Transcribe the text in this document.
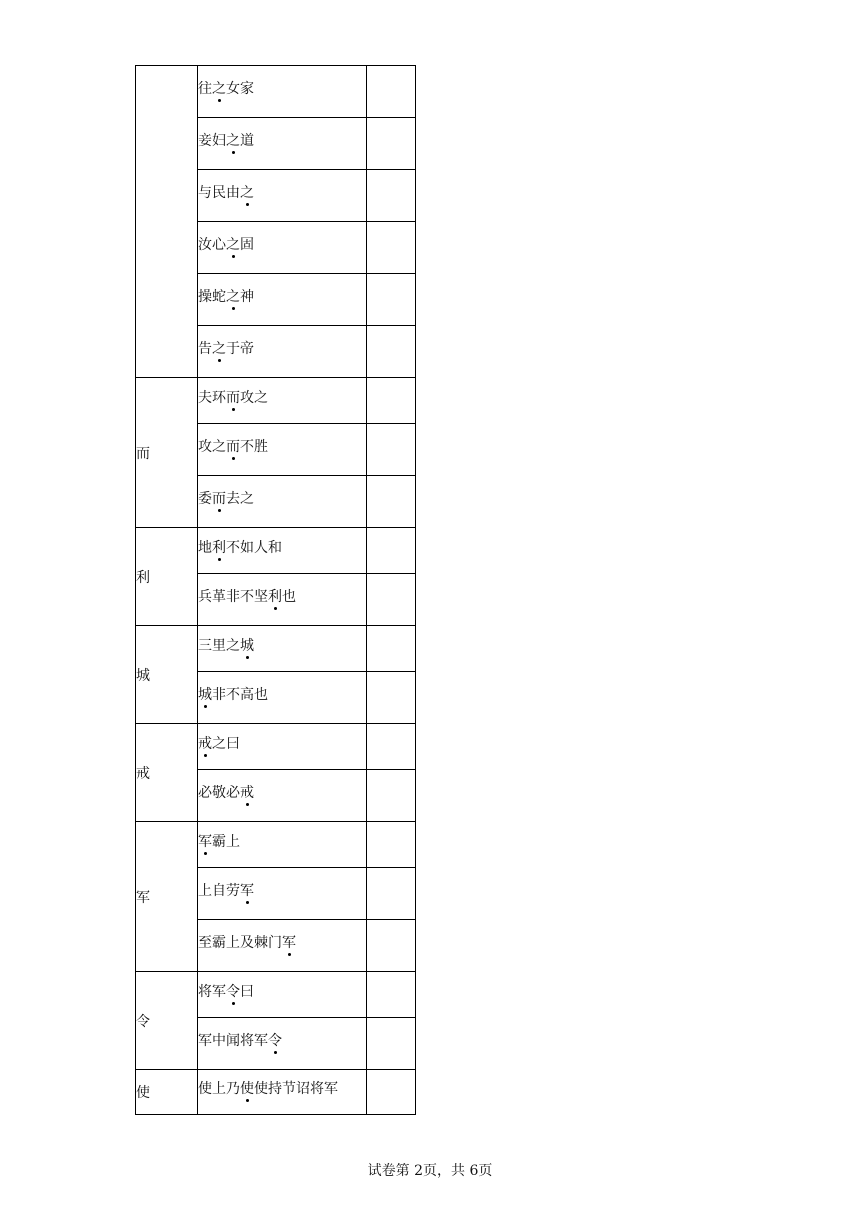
	往之女家	
	妾妇之道	
	与民由之	
	汝心之固	
	操蛇之神	
	告之于帝	
而	夫环而攻之	
	攻之而不胜	
	委而去之	
利	地利不如人和	
	兵革非不坚利也	
城	三里之城	
	城非不高也	
戒	戒之曰	
	必敬必戒	
军	军霸上	
	上自劳军	
	至霸上及棘门军	
令	将军令曰	
	军中闻将军令	
使	使上乃使使持节诏将军	
试卷第 2页，共 6页
